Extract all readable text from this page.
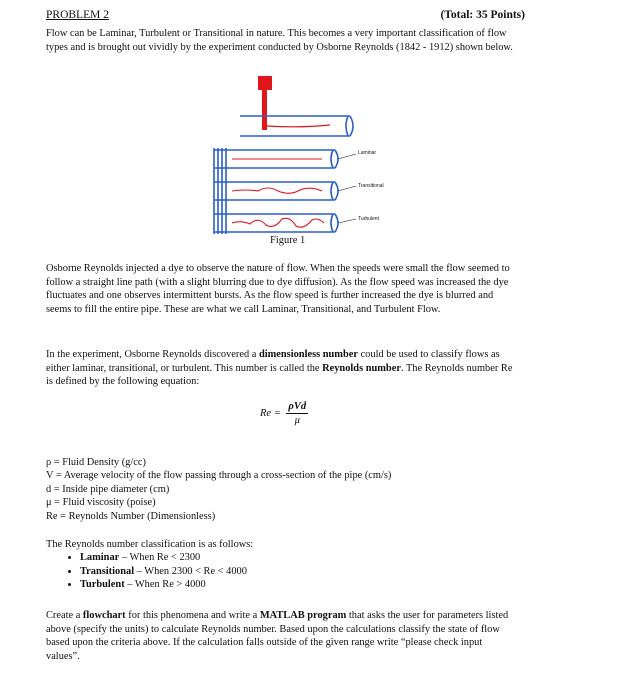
PROBLEM 2	(Total: 35 Points)
Flow can be Laminar, Turbulent or Transitional in nature. This becomes a very important classification of flow types and is brought out vividly by the experiment conducted by Osborne Reynolds (1842 - 1912) shown below.
Laminar
Transitional
Turbulent
Figure 1
Osborne Reynolds injected a dye to observe the nature of flow. When the speeds were small the flow seemed to follow a straight line path (with a slight blurring due to dye diffusion). As the flow speed was increased the dye fluctuates and one observes intermittent bursts. As the flow speed is further increased the dye is blurred and seems to fill the entire pipe. These are what we call Laminar, Transitional, and Turbulent Flow.
In the experiment, Osborne Reynolds discovered a dimensionless number could be used to classify flows as either laminar, transitional, or turbulent. This number is called the Reynolds number. The Reynolds number Re is defined by the following equation:
$Re = \frac{\text{ρVd}}{\mu}$
ρ = Fluid Density (g/cc)
V = Average velocity of the flow passing through a cross-section of the pipe (cm/s)
d = Inside pipe diameter (cm)
μ = Fluid viscosity (poise)
Re = Reynolds Number (Dimensionless)
The Reynolds number classification is as follows:
• Laminar – When Re < 2300
• Transitional – When 2300 < Re < 4000
• Turbulent – When Re > 4000
Create a flowchart for this phenomena and write a MATLAB program that asks the user for parameters listed above (specify the units) to calculate Reynolds number. Based upon the calculations classify the state of flow based upon the criteria above. If the calculation falls outside of the given range write “please check input values”.
